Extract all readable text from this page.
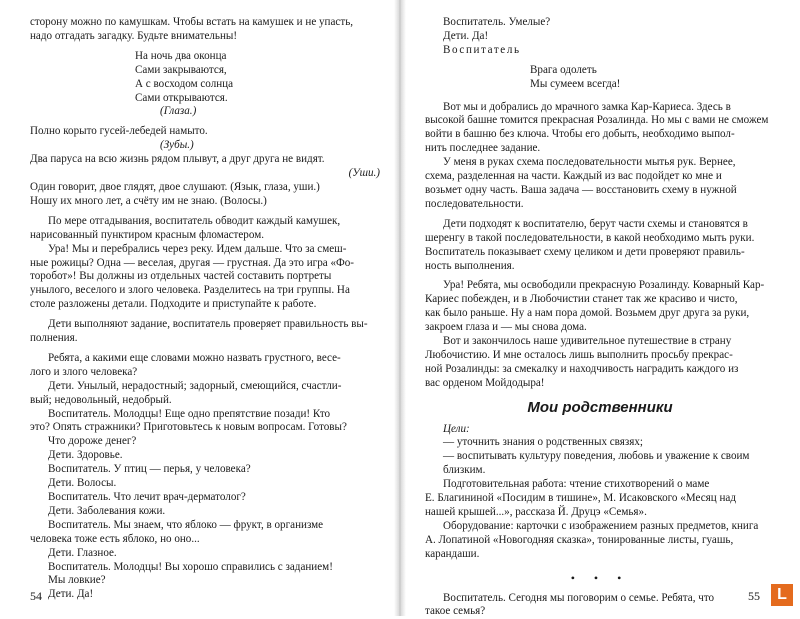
сторону можно по камушкам. Чтобы встать на камушек и не упасть,

надо отгадать загадку. Будьте внимательны!

На ночь два оконца

Сами закрываются,

А с восходом солнца

Сами открываются.

(Глаза.)

Полно корыто гусей-лебедей намыто.

(Зубы.)

Два паруса на всю жизнь рядом плывут, а друг друга не видят.

(Уши.)

Один говорит, двое глядят, двое слушают. (Язык, глаза, уши.)

Ношу их много лет, а счёту им не знаю. (Волосы.)

По мере отгадывания, воспитатель обводит каждый камушек,

нарисованный пунктиром красным фломастером.

Ура! Мы и перебрались через реку. Идем дальше. Что за смеш-

ные рожицы? Одна — веселая, другая — грустная. Да это игра «Фо-

торобот»! Вы должны из отдельных частей составить портреты

унылого, веселого и злого человека. Разделитесь на три группы. На

столе разложены детали. Подходите и приступайте к работе.

Дети выполняют задание, воспитатель проверяет правильность вы-

полнения.

Ребята, а какими еще словами можно назвать грустного, весе-

лого и злого человека?

Дети. Унылый, нерадостный; задорный, смеющийся, счастли-

вый; недовольный, недобрый.

Воспитатель. Молодцы! Еще одно препятствие позади! Кто

это? Опять стражники? Приготовьтесь к новым вопросам. Готовы?

Что дороже денег?

Дети. Здоровье.

Воспитатель. У птиц — перья, у человека?

Дети. Волосы.

Воспитатель. Что лечит врач-дерматолог?

Дети. Заболевания кожи.

Воспитатель. Мы знаем, что яблоко — фрукт, в организме

человека тоже есть яблоко, но оно...

Дети. Глазное.

Воспитатель. Молодцы! Вы хорошо справились с заданием!

Мы ловкие?

Дети. Да!

54

Воспитатель. Умелые?

Дети. Да!

Воспитатель

Врага одолеть

Мы сумеем всегда!

Вот мы и добрались до мрачного замка Кар-Кариеса. Здесь в

высокой башне томится прекрасная Розалинда. Но мы с вами не сможем

войти в башню без ключа. Чтобы его добыть, необходимо выпол-

нить последнее задание.

У меня в руках схема последовательности мытья рук. Вернее,

схема, разделенная на части. Каждый из вас подойдет ко мне и

возьмет одну часть. Ваша задача — восстановить схему в нужной

последовательности.

Дети подходят к воспитателю, берут части схемы и становятся в

шеренгу в такой последовательности, в какой необходимо мыть руки.

Воспитатель показывает схему целиком и дети проверяют правиль-

ность выполнения.

Ура! Ребята, мы освободили прекрасную Розалинду. Коварный Кар-

Кариес побежден, и в Любочистии станет так же красиво и чисто,

как было раньше. Ну а нам пора домой. Возьмем друг друга за руки,

закроем глаза и — мы снова дома.

Вот и закончилось наше удивительное путешествие в страну

Любочистию. И мне осталось лишь выполнить просьбу прекрас-

ной Розалинды: за смекалку и находчивость наградить каждого из

вас орденом Мойдодыра!

Мои родственники

Цели:

— уточнить знания о родственных связях;

— воспитывать культуру поведения, любовь и уважение к своим

близким.

Подготовительная работа: чтение стихотворений о маме

Е. Благининой «Посидим в тишине», М. Исаковского «Месяц над

нашей крышей...», рассказа Й. Друцэ «Семья».

Оборудование: карточки с изображением разных предметов, книга

А. Лопатиной «Новогодняя сказка», тонированные листы, гуашь,

карандаши.

• • •

Воспитатель. Сегодня мы поговорим о семье. Ребята, что

такое семья?

55	L
